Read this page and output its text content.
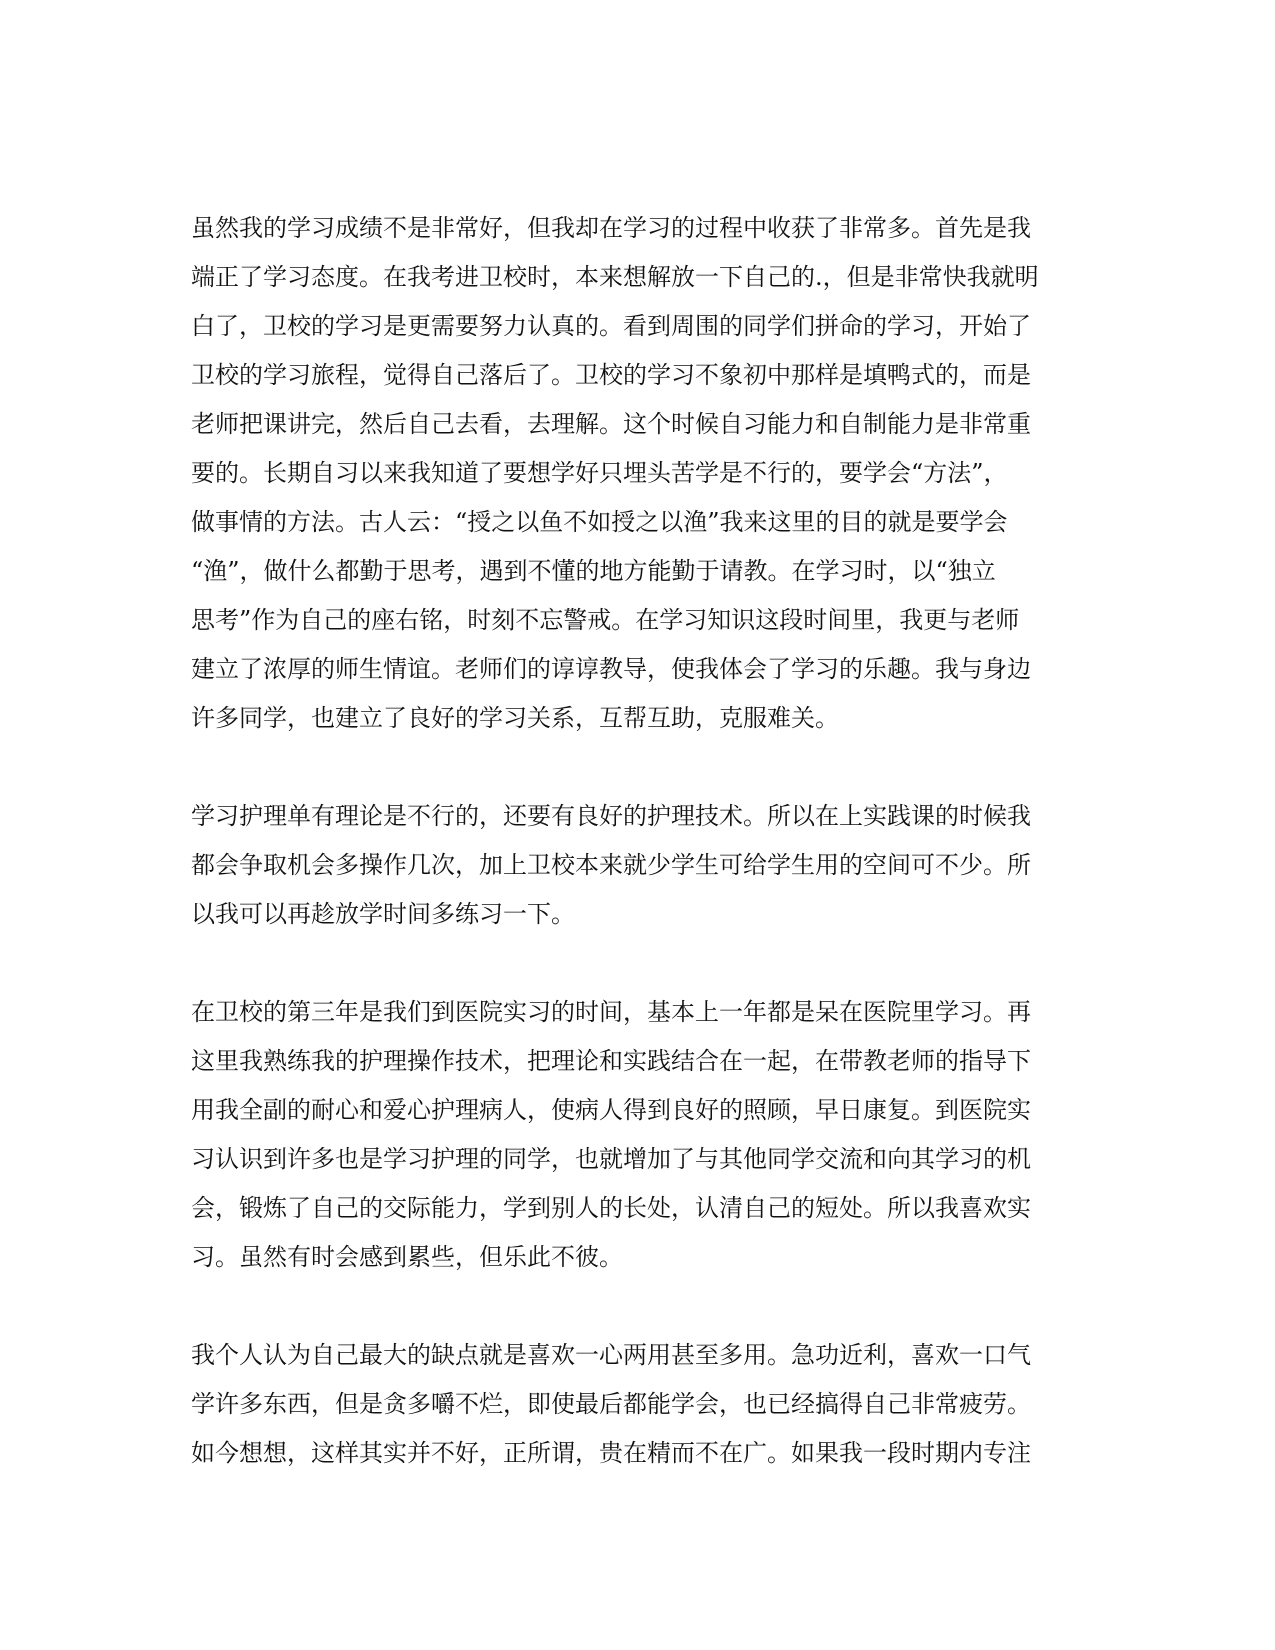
虽然我的学习成绩不是非常好，但我却在学习的过程中收获了非常多。首先是我
端正了学习态度。在我考进卫校时，本来想解放一下自己的.，但是非常快我就明
白了，卫校的学习是更需要努力认真的。看到周围的同学们拼命的学习，开始了
卫校的学习旅程，觉得自己落后了。卫校的学习不象初中那样是填鸭式的，而是
老师把课讲完，然后自己去看，去理解。这个时候自习能力和自制能力是非常重
要的。长期自习以来我知道了要想学好只埋头苦学是不行的，要学会“方法”，
做事情的方法。古人云：“授之以鱼不如授之以渔”我来这里的目的就是要学会
“渔”，做什么都勤于思考，遇到不懂的地方能勤于请教。在学习时，以“独立
思考”作为自己的座右铭，时刻不忘警戒。在学习知识这段时间里，我更与老师
建立了浓厚的师生情谊。老师们的谆谆教导，使我体会了学习的乐趣。我与身边
许多同学，也建立了良好的学习关系，互帮互助，克服难关。
学习护理单有理论是不行的，还要有良好的护理技术。所以在上实践课的时候我
都会争取机会多操作几次，加上卫校本来就少学生可给学生用的空间可不少。所
以我可以再趁放学时间多练习一下。
在卫校的第三年是我们到医院实习的时间，基本上一年都是呆在医院里学习。再
这里我熟练我的护理操作技术，把理论和实践结合在一起，在带教老师的指导下
用我全副的耐心和爱心护理病人，使病人得到良好的照顾，早日康复。到医院实
习认识到许多也是学习护理的同学，也就增加了与其他同学交流和向其学习的机
会，锻炼了自己的交际能力，学到别人的长处，认清自己的短处。所以我喜欢实
习。虽然有时会感到累些，但乐此不彼。
我个人认为自己最大的缺点就是喜欢一心两用甚至多用。急功近利，喜欢一口气
学许多东西，但是贪多嚼不烂，即使最后都能学会，也已经搞得自己非常疲劳。
如今想想，这样其实并不好，正所谓，贵在精而不在广。如果我一段时期内专注
